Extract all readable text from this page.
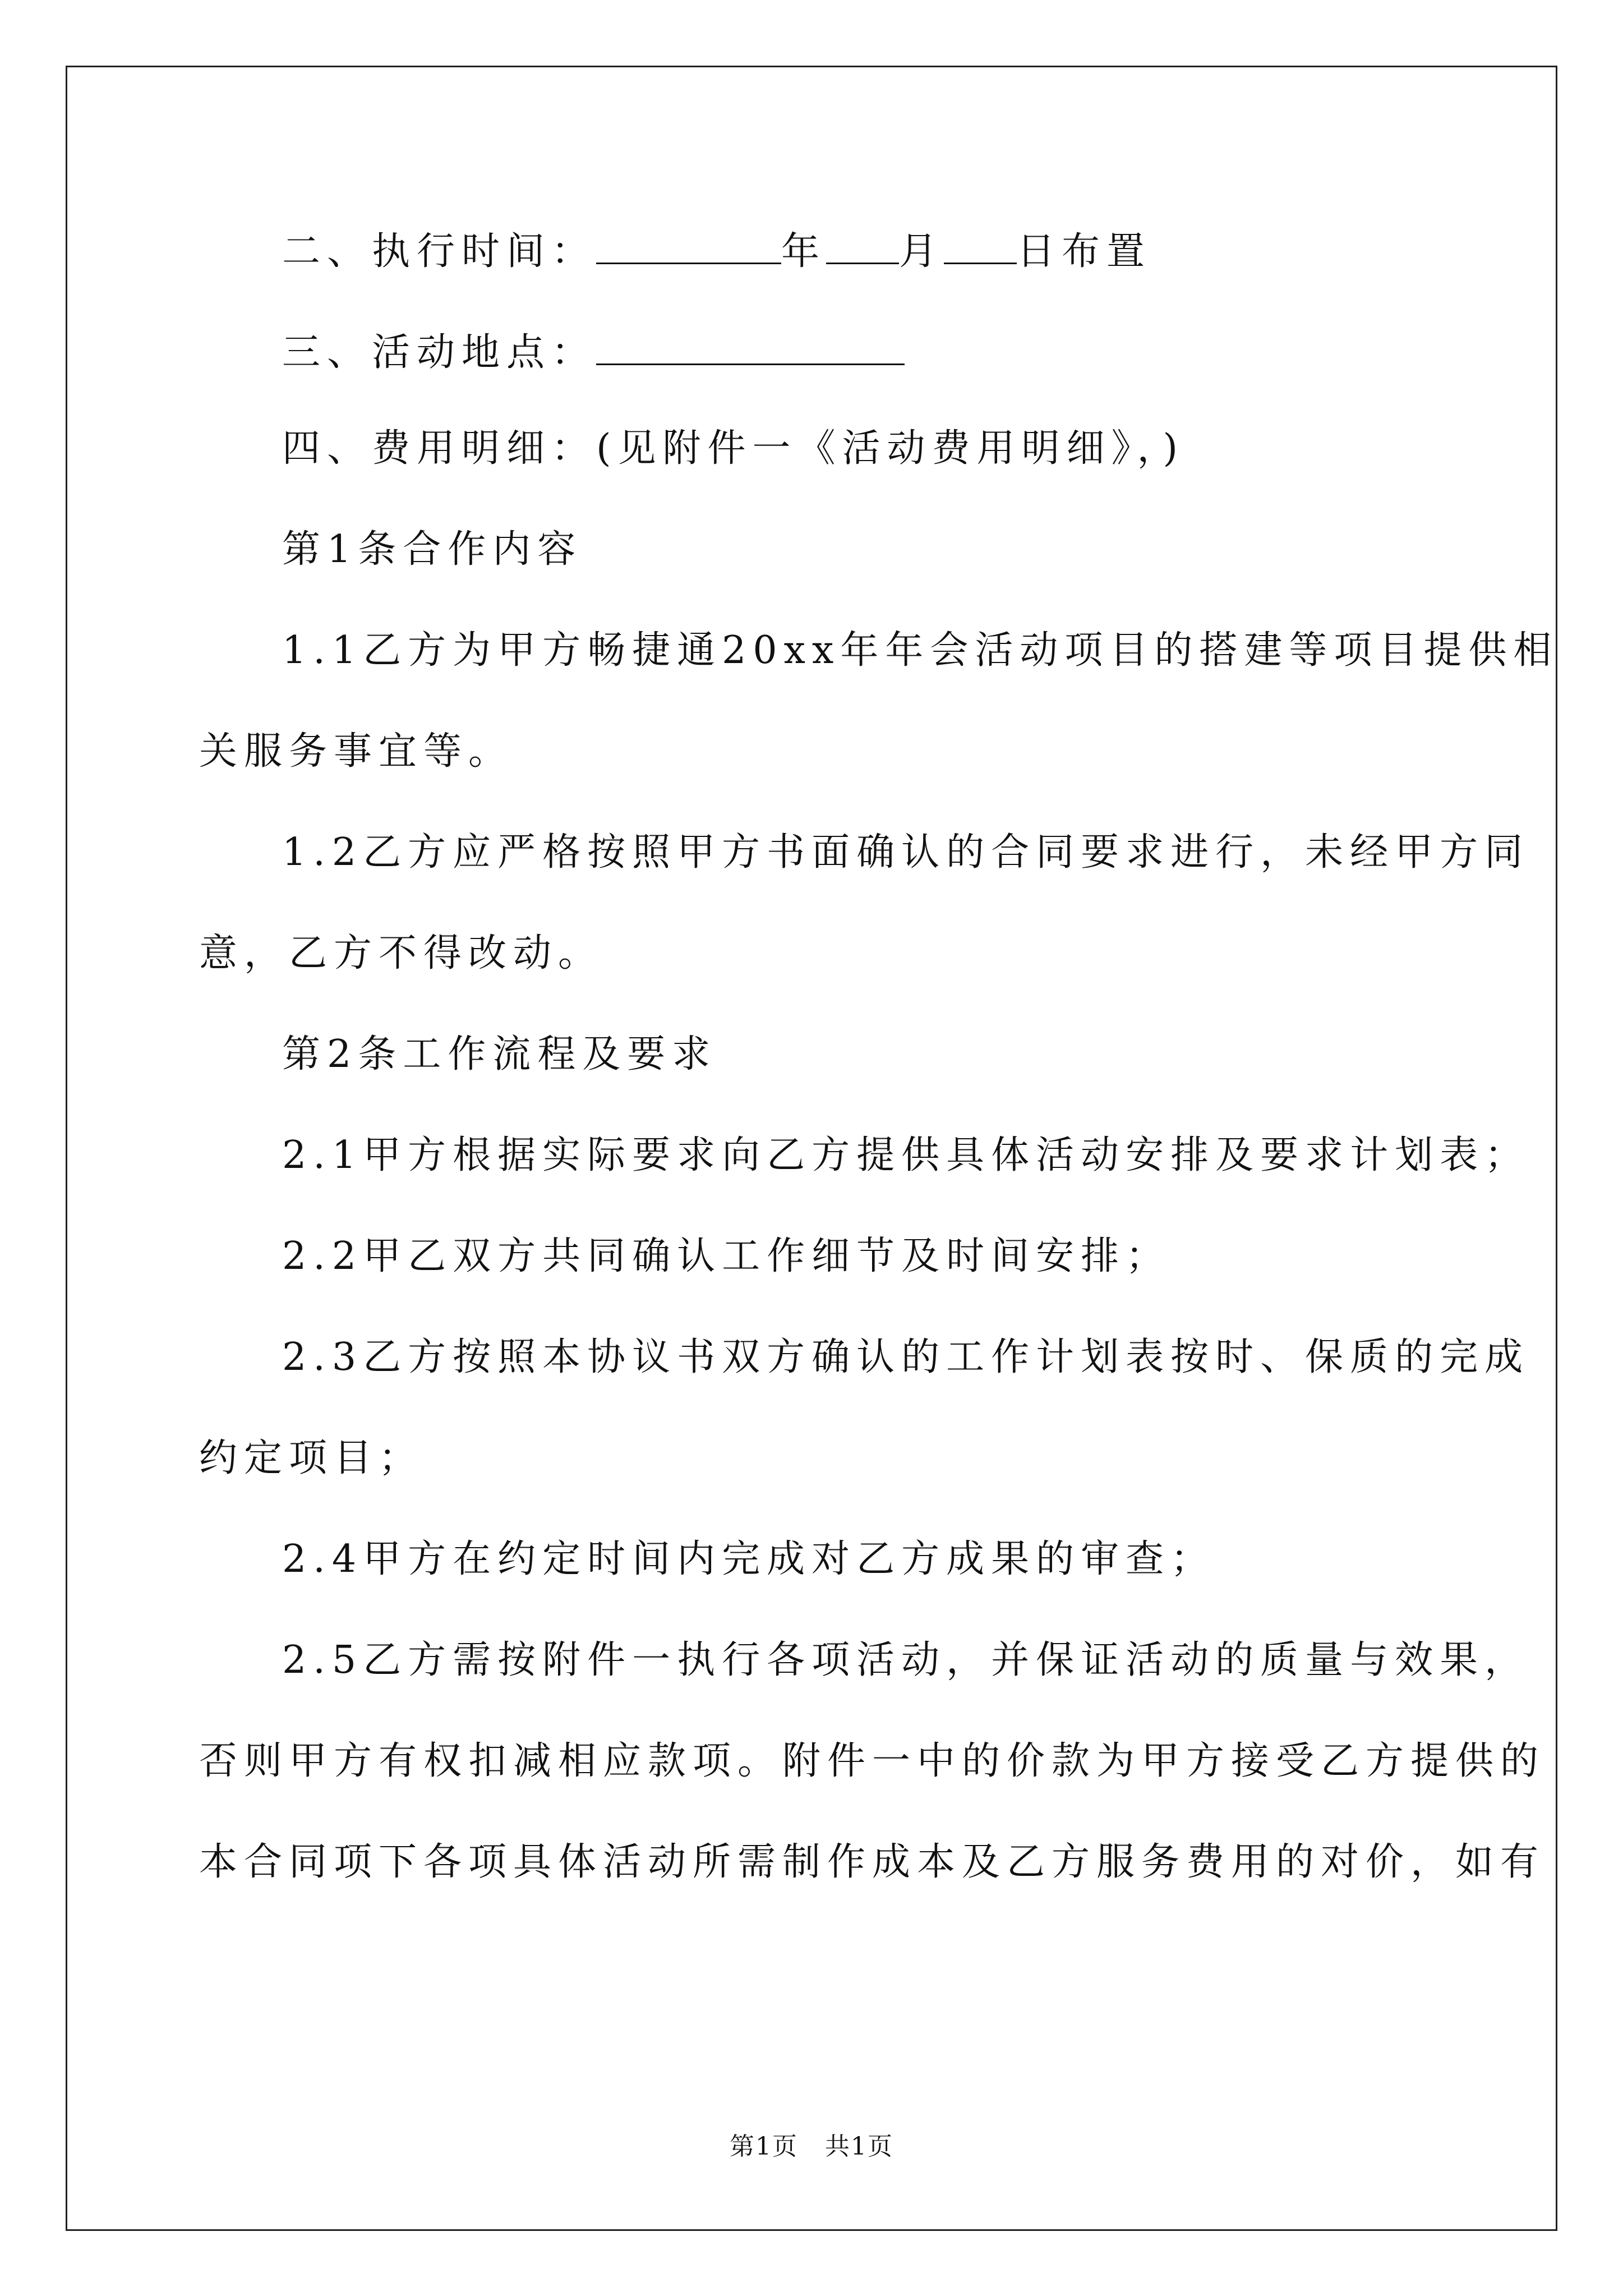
二、执行时间：	年 月 日布置

三、活动地点：

四、费用明细：(见附件一《活动费用明细》，)

第1条合作内容

1.1乙方为甲方畅捷通20xx年年会活动项目的搭建等项目提供相

关服务事宜等。

1.2乙方应严格按照甲方书面确认的合同要求进行，未经甲方同

意，乙方不得改动。

第2条工作流程及要求

2.1甲方根据实际要求向乙方提供具体活动安排及要求计划表；

2.2甲乙双方共同确认工作细节及时间安排；

2.3乙方按照本协议书双方确认的工作计划表按时、保质的完成

约定项目；

2.4甲方在约定时间内完成对乙方成果的审查；

2.5乙方需按附件一执行各项活动，并保证活动的质量与效果，

否则甲方有权扣减相应款项。附件一中的价款为甲方接受乙方提供的

本合同项下各项具体活动所需制作成本及乙方服务费用的对价，如有

第1页 共1页
